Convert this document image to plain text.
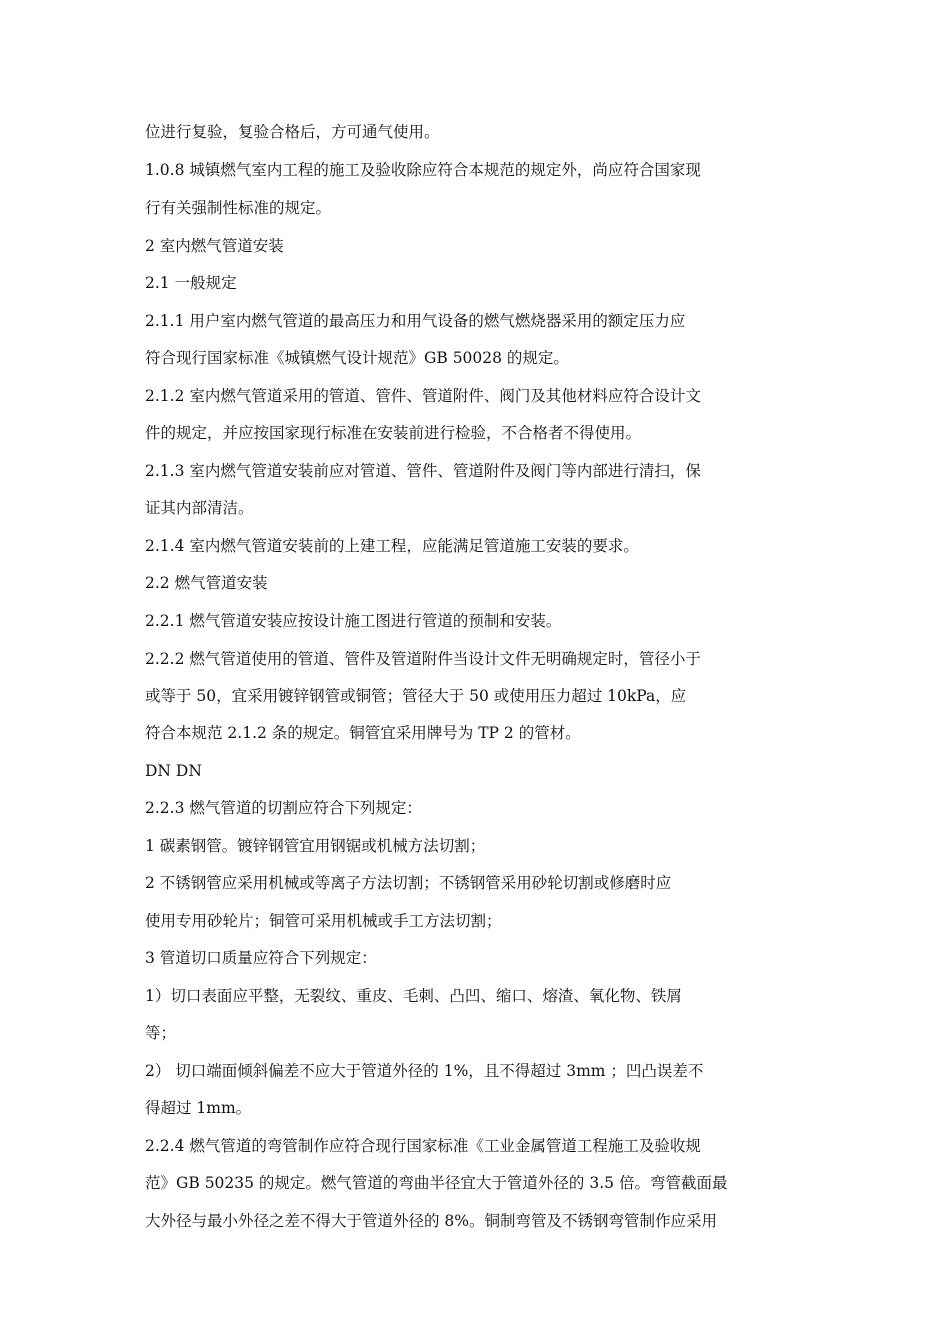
位进行复验，复验合格后，方可通气使用。
1.0.8 城镇燃气室内工程的施工及验收除应符合本规范的规定外，尚应符合国家现
行有关强制性标准的规定。
2 室内燃气管道安装
2.1 一般规定
2.1.1 用户室内燃气管道的最高压力和用气设备的燃气燃烧器采用的额定压力应
符合现行国家标准《城镇燃气设计规范》GB 50028 的规定。
2.1.2 室内燃气管道采用的管道、管件、管道附件、阀门及其他材料应符合设计文
件的规定，并应按国家现行标准在安装前进行检验，不合格者不得使用。
2.1.3 室内燃气管道安装前应对管道、管件、管道附件及阀门等内部进行清扫，保
证其内部清洁。
2.1.4 室内燃气管道安装前的上建工程，应能满足管道施工安装的要求。
2.2 燃气管道安装
2.2.1 燃气管道安装应按设计施工图进行管道的预制和安装。
2.2.2 燃气管道使用的管道、管件及管道附件当设计文件无明确规定时，管径小于
或等于 50，宜采用镀锌钢管或铜管；管径大于 50 或使用压力超过 10kPa，应
符合本规范 2.1.2 条的规定。铜管宜采用牌号为 TP 2 的管材。
DN DN
2.2.3 燃气管道的切割应符合下列规定：
1 碳素钢管。镀锌钢管宜用钢锯或机械方法切割；
2 不锈钢管应采用机械或等离子方法切割；不锈钢管采用砂轮切割或修磨时应
使用专用砂轮片；铜管可采用机械或手工方法切割；
3 管道切口质量应符合下列规定：
1）切口表面应平整，无裂纹、重皮、毛刺、凸凹、缩口、熔渣、氧化物、铁屑
等；
2） 切口端面倾斜偏差不应大于管道外径的 1%，且不得超过 3mm ；凹凸误差不
得超过 1mm。
2.2.4 燃气管道的弯管制作应符合现行国家标准《工业金属管道工程施工及验收规
范》GB 50235 的规定。燃气管道的弯曲半径宜大于管道外径的 3.5 倍。弯管截面最
大外径与最小外径之差不得大于管道外径的 8%。铜制弯管及不锈钢弯管制作应采用
